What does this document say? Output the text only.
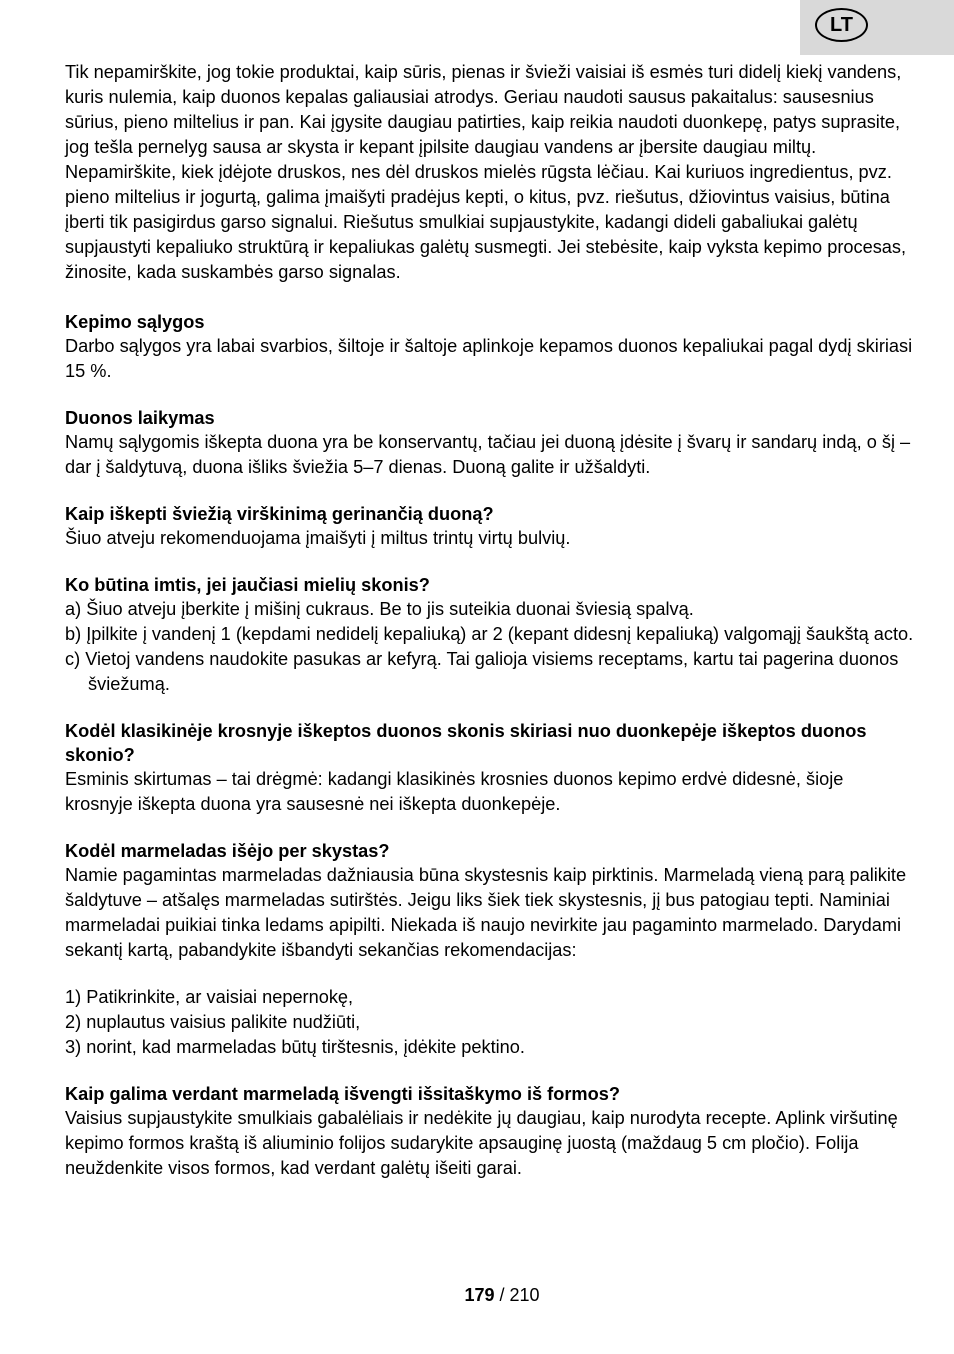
LT

Tik nepamirškite, jog tokie produktai, kaip sūris, pienas ir švieži vaisiai iš esmės turi didelį kiekį vandens, kuris nulemia, kaip duonos kepalas galiausiai atrodys. Geriau naudoti sausus pakaitalus: sausesnius sūrius, pieno miltelius ir pan. Kai įgysite daugiau patirties, kaip reikia naudoti duonkepę, patys suprasite, jog tešla pernelyg sausa ar skysta ir kepant įpilsite daugiau vandens ar įbersite daugiau miltų. Nepamirškite, kiek įdėjote druskos, nes dėl druskos mielės rūgsta lėčiau. Kai kuriuos ingredientus, pvz. pieno miltelius ir jogurtą, galima įmaišyti pradėjus kepti, o kitus, pvz. riešutus, džiovintus vaisius, būtina įberti tik pasigirdus garso signalui. Riešutus smulkiai supjaustykite, kadangi dideli gabaliukai galėtų supjaustyti kepaliuko struktūrą ir kepaliukas galėtų susmegti. Jei stebėsite, kaip vyksta kepimo procesas, žinosite, kada suskambės garso signalas.

Kepimo sąlygos

Darbo sąlygos yra labai svarbios, šiltoje ir šaltoje aplinkoje kepamos duonos kepaliukai pagal dydį skiriasi 15 %.

Duonos laikymas

Namų sąlygomis iškepta duona yra be konservantų, tačiau jei duoną įdėsite į švarų ir sandarų indą, o šį – dar į šaldytuvą, duona išliks šviežia 5–7 dienas. Duoną galite ir užšaldyti.

Kaip iškepti šviežią virškinimą gerinančią duoną?

Šiuo atveju rekomenduojama įmaišyti į miltus trintų virtų bulvių.

Ko būtina imtis, jei jaučiasi mielių skonis?

a) Šiuo atveju įberkite į mišinį cukraus. Be to jis suteikia duonai šviesią spalvą.

b) Įpilkite į vandenį 1 (kepdami nedidelį kepaliuką) ar 2 (kepant didesnį kepaliuką) valgomąjį šaukštą acto.

c) Vietoj vandens naudokite pasukas ar kefyrą. Tai galioja visiems receptams, kartu tai pagerina duonos šviežumą.

Kodėl klasikinėje krosnyje iškeptos duonos skonis skiriasi nuo duonkepėje iškeptos duonos skonio?

Esminis skirtumas – tai drėgmė: kadangi klasikinės krosnies duonos kepimo erdvė didesnė, šioje krosnyje iškepta duona yra sausesnė nei iškepta duonkepėje.

Kodėl marmeladas išėjo per skystas?

Namie pagamintas marmeladas dažniausia būna skystesnis kaip pirktinis. Marmeladą vieną parą palikite šaldytuve – atšalęs marmeladas sutirštės. Jeigu liks šiek tiek skystesnis, jį bus patogiau tepti. Naminiai marmeladai puikiai tinka ledams apipilti. Niekada iš naujo nevirkite jau pagaminto marmelado. Darydami sekantį kartą, pabandykite išbandyti sekančias rekomendacijas:

1) Patikrinkite, ar vaisiai nepernokę,

2) nuplautus vaisius palikite nudžiūti,

3) norint, kad marmeladas būtų tirštesnis, įdėkite pektino.

Kaip galima verdant marmeladą išvengti išsitaškymo iš formos?

Vaisius supjaustykite smulkiais gabalėliais ir nedėkite jų daugiau, kaip nurodyta recepte. Aplink viršutinę kepimo formos kraštą iš aliuminio folijos sudarykite apsauginę juostą (maždaug 5 cm pločio). Folija neuždenkite visos formos, kad verdant galėtų išeiti garai.

179 / 210
